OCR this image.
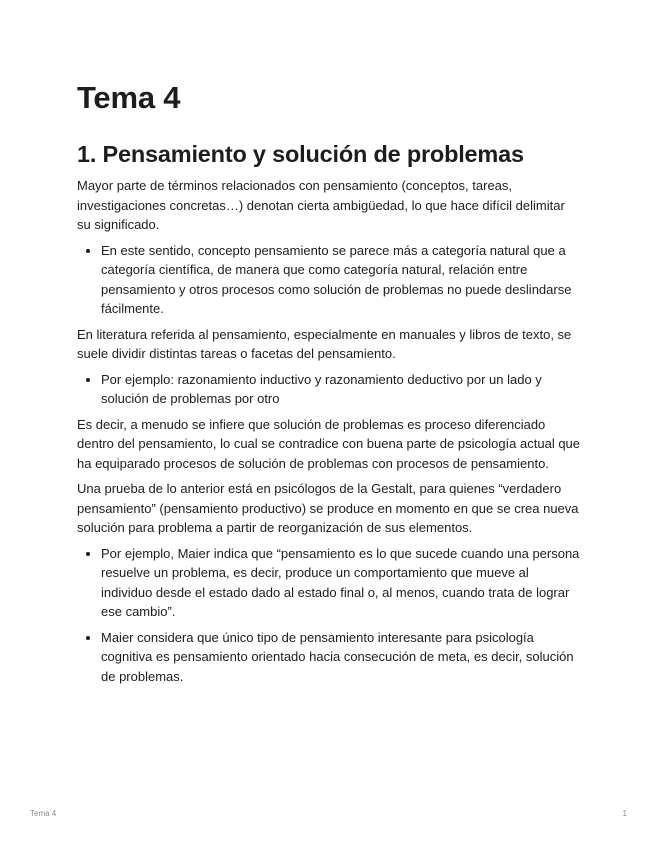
Tema 4
1. Pensamiento y solución de problemas

Mayor parte de términos relacionados con pensamiento (conceptos, tareas, investigaciones concretas…) denotan cierta ambigüedad, lo que hace difícil delimitar su significado.

• En este sentido, concepto pensamiento se parece más a categoría natural que a categoría científica, de manera que como categoría natural, relación entre pensamiento y otros procesos como solución de problemas no puede deslindarse fácilmente.

En literatura referida al pensamiento, especialmente en manuales y libros de texto, se suele dividir distintas tareas o facetas del pensamiento.

• Por ejemplo: razonamiento inductivo y razonamiento deductivo por un lado y solución de problemas por otro

Es decir, a menudo se infiere que solución de problemas es proceso diferenciado dentro del pensamiento, lo cual se contradice con buena parte de psicología actual que ha equiparado procesos de solución de problemas con procesos de pensamiento.

Una prueba de lo anterior está en psicólogos de la Gestalt, para quienes “verdadero pensamiento” (pensamiento productivo) se produce en momento en que se crea nueva solución para problema a partir de reorganización de sus elementos.

• Por ejemplo, Maier indica que “pensamiento es lo que sucede cuando una persona resuelve un problema, es decir, produce un comportamiento que mueve al individuo desde el estado dado al estado final o, al menos, cuando trata de lograr ese cambio”.
• Maier considera que único tipo de pensamiento interesante para psicología cognitiva es pensamiento orientado hacia consecución de meta, es decir, solución de problemas.
Tema 4	1
